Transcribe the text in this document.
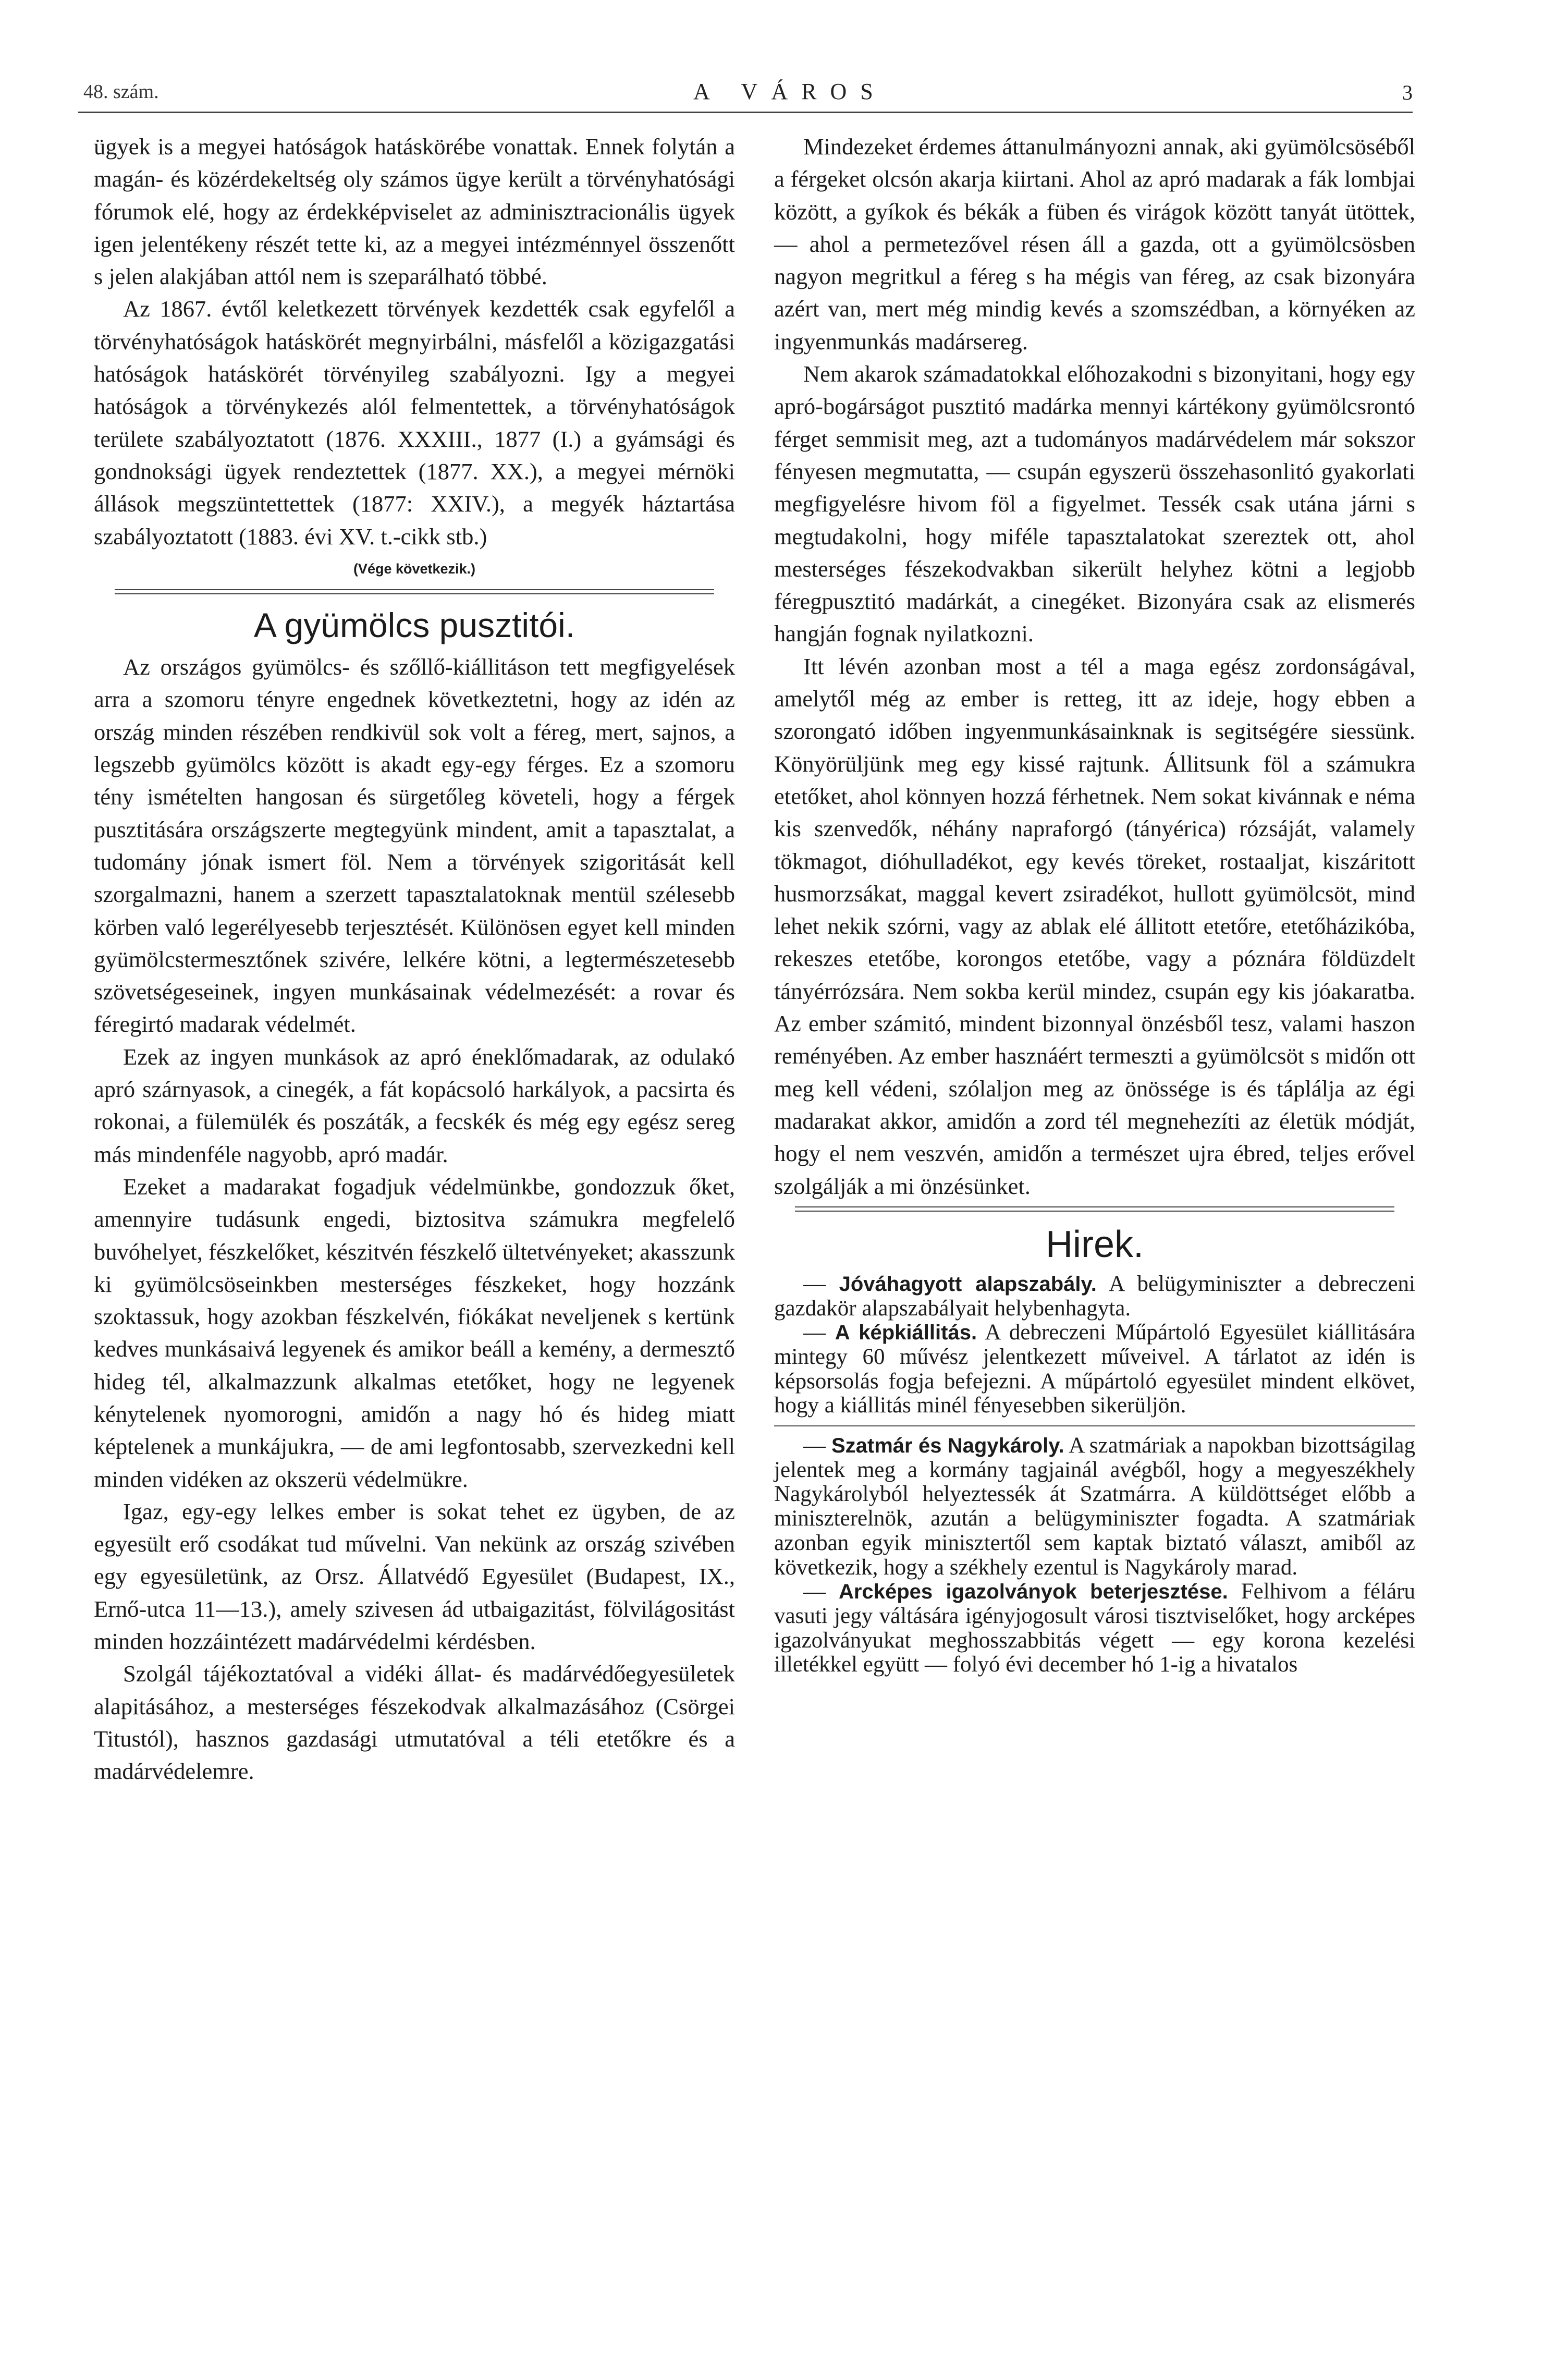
48. szám.	A VÁROS	3

ügyek is a megyei hatóságok hatáskörébe vonattak. Ennek folytán a magán- és közérdekeltség oly számos ügye került a törvényhatósági fórumok elé, hogy az érdekképviselet az adminisztracionális ügyek igen jelentékeny részét tette ki, az a megyei intézménnyel összenőtt s jelen alakjában attól nem is szeparálható többé.

Az 1867. évtől keletkezett törvények kezdették csak egyfelől a törvényhatóságok hatáskörét megnyirbálni, másfelől a közigazgatási hatóságok hatáskörét törvényileg szabályozni. Igy a megyei hatóságok a törvénykezés alól felmentettek, a törvényhatóságok területe szabályoztatott (1876. XXXIII., 1877 (I.) a gyámsági és gondnoksági ügyek rendeztettek (1877. XX.), a megyei mérnöki állások megszüntettettek (1877: XXIV.), a megyék háztartása szabályoztatott (1883. évi XV. t.-cikk stb.)

(Vége következik.)

A gyümölcs pusztitói.

Az országos gyümölcs- és szőllő-kiállitáson tett megfigyelések arra a szomoru tényre engednek következtetni, hogy az idén az ország minden részében rendkivül sok volt a féreg, mert, sajnos, a legszebb gyümölcs között is akadt egy-egy férges. Ez a szomoru tény ismételten hangosan és sürgetőleg követeli, hogy a férgek pusztitására országszerte megtegyünk mindent, amit a tapasztalat, a tudomány jónak ismert föl. Nem a törvények szigoritását kell szorgalmazni, hanem a szerzett tapasztalatoknak mentül szélesebb körben való legerélyesebb terjesztését. Különösen egyet kell minden gyümölcstermesztőnek szivére, lelkére kötni, a legtermészetesebb szövetségeseinek, ingyen munkásainak védelmezését: a rovar és féregirtó madarak védelmét.

Ezek az ingyen munkások az apró éneklőmadarak, az odulakó apró szárnyasok, a cinegék, a fát kopácsoló harkályok, a pacsirta és rokonai, a fülemülék és poszáták, a fecskék és még egy egész sereg más mindenféle nagyobb, apró madár.

Ezeket a madarakat fogadjuk védelmünkbe, gondozzuk őket, amennyire tudásunk engedi, biztositva számukra megfelelő buvóhelyet, fészkelőket, készitvén fészkelő ültetvényeket; akasszunk ki gyümölcsöseinkben mesterséges fészkeket, hogy hozzánk szoktassuk, hogy azokban fészkelvén, fiókákat neveljenek s kertünk kedves munkásaivá legyenek és amikor beáll a kemény, a dermesztő hideg tél, alkalmazzunk alkalmas etetőket, hogy ne legyenek kénytelenek nyomorogni, amidőn a nagy hó és hideg miatt képtelenek a munkájukra, — de ami legfontosabb, szervezkedni kell minden vidéken az okszerü védelmükre.

Igaz, egy-egy lelkes ember is sokat tehet ez ügyben, de az egyesült erő csodákat tud művelni. Van nekünk az ország szivében egy egyesületünk, az Orsz. Állatvédő Egyesület (Budapest, IX., Ernő-utca 11—13.), amely szivesen ád utbaigazitást, fölvilágositást minden hozzáintézett madárvédelmi kérdésben.

Szolgál tájékoztatóval a vidéki állat- és madárvédőegyesületek alapitásához, a mesterséges fészekodvak alkalmazásához (Csörgei Titustól), hasznos gazdasági utmutatóval a téli etetőkre és a madárvédelemre.

Mindezeket érdemes áttanulmányozni annak, aki gyümölcsöséből a férgeket olcsón akarja kiirtani. Ahol az apró madarak a fák lombjai között, a gyíkok és békák a füben és virágok között tanyát ütöttek, — ahol a permetezővel résen áll a gazda, ott a gyümölcsösben nagyon megritkul a féreg s ha mégis van féreg, az csak bizonyára azért van, mert még mindig kevés a szomszédban, a környéken az ingyenmunkás madársereg.

Nem akarok számadatokkal előhozakodni s bizonyitani, hogy egy apró-bogárságot pusztitó madárka mennyi kártékony gyümölcsrontó férget semmisit meg, azt a tudományos madárvédelem már sokszor fényesen megmutatta, — csupán egyszerü összehasonlitó gyakorlati megfigyelésre hivom föl a figyelmet. Tessék csak utána járni s megtudakolni, hogy miféle tapasztalatokat szereztek ott, ahol mesterséges fészekodvakban sikerült helyhez kötni a legjobb féregpusztitó madárkát, a cinegéket. Bizonyára csak az elismerés hangján fognak nyilatkozni.

Itt lévén azonban most a tél a maga egész zordonságával, amelytől még az ember is retteg, itt az ideje, hogy ebben a szorongató időben ingyenmunkásainknak is segitségére siessünk. Könyörüljünk meg egy kissé rajtunk. Állitsunk föl a számukra etetőket, ahol könnyen hozzá férhetnek. Nem sokat kivánnak e néma kis szenvedők, néhány napraforgó (tányérica) rózsáját, valamely tökmagot, dióhulladékot, egy kevés töreket, rostaaljat, kiszáritott husmorzsákat, maggal kevert zsiradékot, hullott gyümölcsöt, mind lehet nekik szórni, vagy az ablak elé állitott etetőre, etetőházikóba, rekeszes etetőbe, korongos etetőbe, vagy a póznára földüzdelt tányérrózsára. Nem sokba kerül mindez, csupán egy kis jóakaratba. Az ember számitó, mindent bizonnyal önzésből tesz, valami haszon reményében. Az ember hasznáért termeszti a gyümölcsöt s midőn ott meg kell védeni, szólaljon meg az önössége is és táplálja az égi madarakat akkor, amidőn a zord tél megnehezíti az életük módját, hogy el nem veszvén, amidőn a természet ujra ébred, teljes erővel szolgálják a mi önzésünket.

Hirek.

— Jóváhagyott alapszabály. A belügyminiszter a debreczeni gazdakör alapszabályait helybenhagyta.

— A képkiállitás. A debreczeni Műpártoló Egyesület kiállitására mintegy 60 művész jelentkezett műveivel. A tárlatot az idén is képsorsolás fogja befejezni. A műpártoló egyesület mindent elkövet, hogy a kiállitás minél fényesebben sikerüljön.

— Szatmár és Nagykároly. A szatmáriak a napokban bizottságilag jelentek meg a kormány tagjainál avégből, hogy a megyeszékhely Nagykárolyból helyeztessék át Szatmárra. A küldöttséget előbb a miniszterelnök, azután a belügyminiszter fogadta. A szatmáriak azonban egyik minisztertől sem kaptak biztató választ, amiből az következik, hogy a székhely ezentul is Nagykároly marad.

— Arcképes igazolványok beterjesztése. Felhivom a féláru vasuti jegy váltására igényjogosult városi tisztviselőket, hogy arcképes igazolványukat meghosszabbitás végett — egy korona kezelési illetékkel együtt — folyó évi december hó 1-ig a hivatalos
